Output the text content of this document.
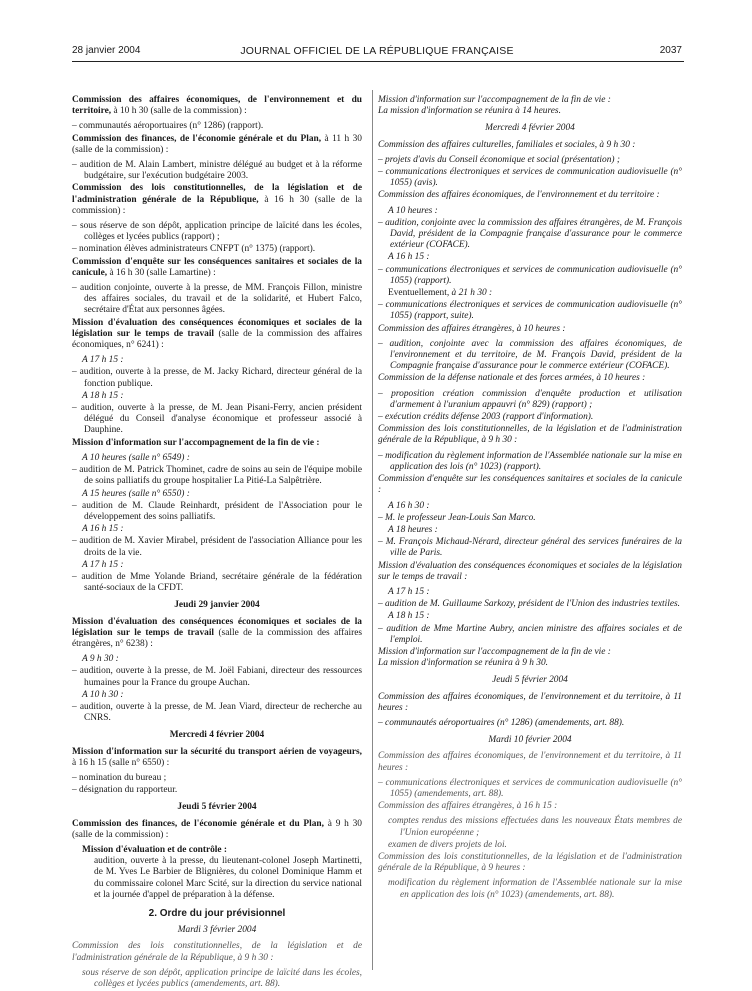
28 janvier 2004	JOURNAL OFFICIEL DE LA RÉPUBLIQUE FRANÇAISE	2037

Commission des affaires économiques, de l'environnement et du territoire, à 10 h 30 (salle de la commission) :

– communautés aéroportuaires (n° 1286) (rapport).

Commission des finances, de l'économie générale et du Plan, à 11 h 30 (salle de la commission) :

– audition de M. Alain Lambert, ministre délégué au budget et à la réforme budgétaire, sur l'exécution budgétaire 2003.

Commission des lois constitutionnelles, de la législation et de l'administration générale de la République, à 16 h 30 (salle de la commission) :

– sous réserve de son dépôt, application principe de laïcité dans les écoles, collèges et lycées publics (rapport) ;

– nomination élèves administrateurs CNFPT (n° 1375) (rapport).

Commission d'enquête sur les conséquences sanitaires et sociales de la canicule, à 16 h 30 (salle Lamartine) :

– audition conjointe, ouverte à la presse, de MM. François Fillon, ministre des affaires sociales, du travail et de la solidarité, et Hubert Falco, secrétaire d'État aux personnes âgées.

Mission d'évaluation des conséquences économiques et sociales de la législation sur le temps de travail (salle de la commission des affaires économiques, n° 6241) :

A 17 h 15 :

– audition, ouverte à la presse, de M. Jacky Richard, directeur général de la fonction publique.

A 18 h 15 :

– audition, ouverte à la presse, de M. Jean Pisani-Ferry, ancien président délégué du Conseil d'analyse économique et professeur associé à Dauphine.

Mission d'information sur l'accompagnement de la fin de vie :

A 10 heures (salle n° 6549) :

– audition de M. Patrick Thominet, cadre de soins au sein de l'équipe mobile de soins palliatifs du groupe hospitalier La Pitié-La Salpêtrière.

A 15 heures (salle n° 6550) :

– audition de M. Claude Reinhardt, président de l'Association pour le développement des soins palliatifs.

A 16 h 15 :

– audition de M. Xavier Mirabel, président de l'association Alliance pour les droits de la vie.

A 17 h 15 :

– audition de Mme Yolande Briand, secrétaire générale de la fédération santé-sociaux de la CFDT.

Jeudi 29 janvier 2004

Mission d'évaluation des conséquences économiques et sociales de la législation sur le temps de travail (salle de la commission des affaires étrangères, n° 6238) :

A 9 h 30 :

– audition, ouverte à la presse, de M. Joël Fabiani, directeur des ressources humaines pour la France du groupe Auchan.

A 10 h 30 :

– audition, ouverte à la presse, de M. Jean Viard, directeur de recherche au CNRS.

Mercredi 4 février 2004

Mission d'information sur la sécurité du transport aérien de voyageurs, à 16 h 15 (salle n° 6550) :

– nomination du bureau ;

– désignation du rapporteur.

Jeudi 5 février 2004

Commission des finances, de l'économie générale et du Plan, à 9 h 30 (salle de la commission) :

Mission d'évaluation et de contrôle :

audition, ouverte à la presse, du lieutenant-colonel Joseph Martinetti, de M. Yves Le Barbier de Blignières, du colonel Dominique Hamm et du commissaire colonel Marc Scité, sur la direction du service national et la journée d'appel de préparation à la défense.

2. Ordre du jour prévisionnel

Mardi 3 février 2004

Commission des lois constitutionnelles, de la législation et de l'administration générale de la République, à 9 h 30 :

sous réserve de son dépôt, application principe de laïcité dans les écoles, collèges et lycées publics (amendements, art. 88).

Mission d'information sur l'accompagnement de la fin de vie :

La mission d'information se réunira à 14 heures.

Mercredi 4 février 2004

Commission des affaires culturelles, familiales et sociales, à 9 h 30 :

– projets d'avis du Conseil économique et social (présentation) ;

– communications électroniques et services de communication audiovisuelle (n° 1055) (avis).

Commission des affaires économiques, de l'environnement et du territoire :

A 10 heures :

– audition, conjointe avec la commission des affaires étrangères, de M. François David, président de la Compagnie française d'assurance pour le commerce extérieur (COFACE).

A 16 h 15 :

– communications électroniques et services de communication audiovisuelle (n° 1055) (rapport).

Eventuellement, à 21 h 30 :

– communications électroniques et services de communication audiovisuelle (n° 1055) (rapport, suite).

Commission des affaires étrangères, à 10 heures :

– audition, conjointe avec la commission des affaires économiques, de l'environnement et du territoire, de M. François David, président de la Compagnie française d'assurance pour le commerce extérieur (COFACE).

Commission de la défense nationale et des forces armées, à 10 heures :

– proposition création commission d'enquête production et utilisation d'armement à l'uranium appauvri (n° 829) (rapport) ;

– exécution crédits défense 2003 (rapport d'information).

Commission des lois constitutionnelles, de la législation et de l'administration générale de la République, à 9 h 30 :

– modification du règlement information de l'Assemblée nationale sur la mise en application des lois (n° 1023) (rapport).

Commission d'enquête sur les conséquences sanitaires et sociales de la canicule :

A 16 h 30 :

– M. le professeur Jean-Louis San Marco.

A 18 heures :

– M. François Michaud-Nérard, directeur général des services funéraires de la ville de Paris.

Mission d'évaluation des conséquences économiques et sociales de la législation sur le temps de travail :

A 17 h 15 :

– audition de M. Guillaume Sarkozy, président de l'Union des industries textiles.

A 18 h 15 :

– audition de Mme Martine Aubry, ancien ministre des affaires sociales et de l'emploi.

Mission d'information sur l'accompagnement de la fin de vie :

La mission d'information se réunira à 9 h 30.

Jeudi 5 février 2004

Commission des affaires économiques, de l'environnement et du territoire, à 11 heures :

– communautés aéroportuaires (n° 1286) (amendements, art. 88).

Mardi 10 février 2004

Commission des affaires économiques, de l'environnement et du territoire, à 11 heures :

– communications électroniques et services de communication audiovisuelle (n° 1055) (amendements, art. 88).

Commission des affaires étrangères, à 16 h 15 :

comptes rendus des missions effectuées dans les nouveaux États membres de l'Union européenne ;

examen de divers projets de loi.

Commission des lois constitutionnelles, de la législation et de l'administration générale de la République, à 9 heures :

modification du règlement information de l'Assemblée nationale sur la mise en application des lois (n° 1023) (amendements, art. 88).
